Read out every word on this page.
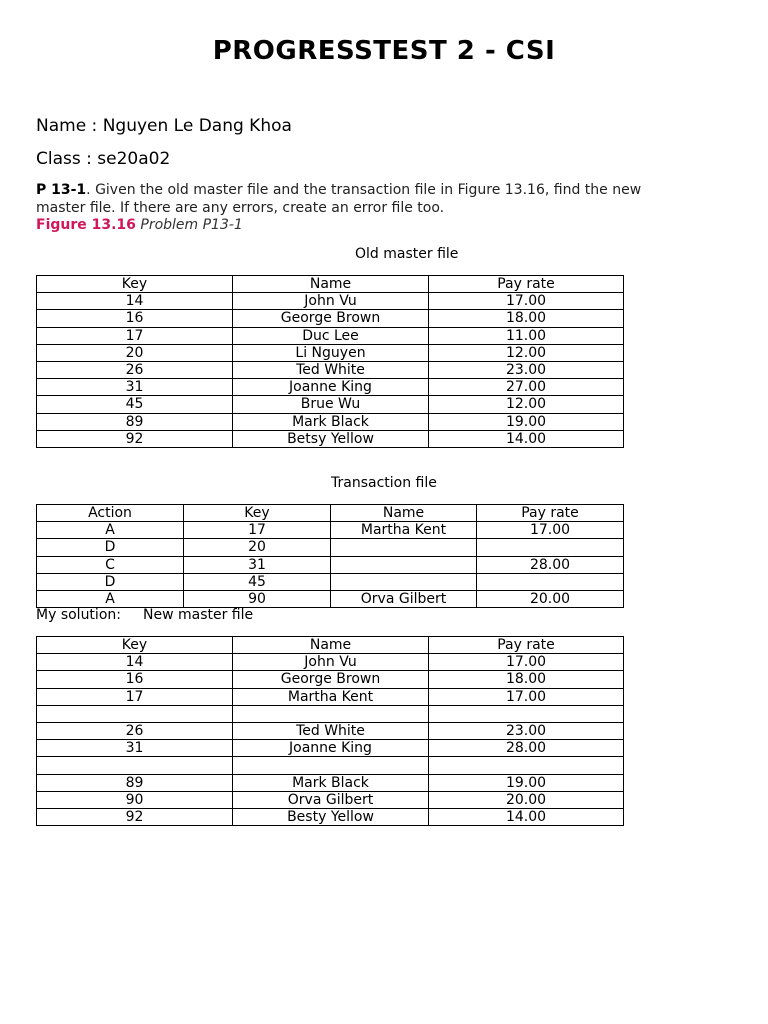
PROGRESSTEST 2 - CSI

Name : Nguyen Le Dang Khoa

Class : se20a02

P 13-1. Given the old master file and the transaction file in Figure 13.16, find the new master file. If there are any errors, create an error file too.

Figure 13.16 Problem P13-1

Old master file

Key	Name	Pay rate
14	John Vu	17.00
16	George Brown	18.00
17	Duc Lee	11.00
20	Li Nguyen	12.00
26	Ted White	23.00
31	Joanne King	27.00
45	Brue Wu	12.00
89	Mark Black	19.00
92	Betsy Yellow	14.00

Transaction file

Action	Key	Name	Pay rate
A	17	Martha Kent	17.00
D	20		
C	31		28.00
D	45		
A	90	Orva Gilbert	20.00

My solution: New master file

Key	Name	Pay rate
14	John Vu	17.00
16	George Brown	18.00
17	Martha Kent	17.00

26	Ted White	23.00
31	Joanne King	28.00

89	Mark Black	19.00
90	Orva Gilbert	20.00
92	Besty Yellow	14.00
